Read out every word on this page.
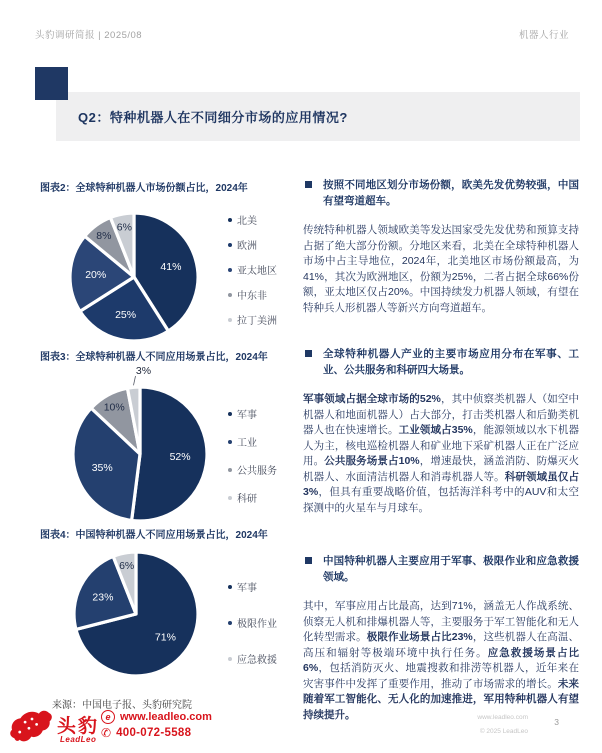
头豹调研简报 | 2025/08	机器人行业
Q2：特种机器人在不同细分市场的应用情况?
图表2：全球特种机器人市场份额占比，2024年
图表3：全球特种机器人不同应用场景占比，2024年
图表4：中国特种机器人不同应用场景占比，2024年
41%
25%
20%
8%
6%
52%
35%
10%
3%
71%
23%
6%
北美
欧洲
亚太地区
中东非
拉丁美洲
军事
工业
公共服务
科研
军事
极限作业
应急救援
按照不同地区划分市场份额，欧美先发优势较强，中国有望弯道超车。
传统特种机器人领域欧美等发达国家受先发优势和预算支持占据了绝大部分份额。分地区来看，北美在全球特种机器人市场中占主导地位，2024年，北美地区市场份额最高，为41%，其次为欧洲地区，份额为25%，二者占据全球66%份额，亚太地区仅占20%。中国持续发力机器人领域，有望在特种兵人形机器人等新兴方向弯道超车。
全球特种机器人产业的主要市场应用分布在军事、工业、公共服务和科研四大场景。
军事领域占据全球市场的52%，其中侦察类机器人（如空中机器人和地面机器人）占大部分，打击类机器人和后勤类机器人也在快速增长。工业领域占35%，能源领域以水下机器人为主，核电巡检机器人和矿业地下采矿机器人正在广泛应用。公共服务场景占10%，增速最快，涵盖消防、防爆灭火机器人、水面清洁机器人和消毒机器人等。科研领域虽仅占3%，但具有重要战略价值，包括海洋科考中的AUV和太空探测中的火星车与月球车。
中国特种机器人主要应用于军事、极限作业和应急救援领域。
其中，军事应用占比最高，达到71%，涵盖无人作战系统、侦察无人机和排爆机器人等，主要服务于军工智能化和无人化转型需求。极限作业场景占比23%，这些机器人在高温、高压和辐射等极端环境中执行任务。应急救援场景占比6%，包括消防灭火、地震搜救和排涝等机器人，近年来在灾害事件中发挥了重要作用，推动了市场需求的增长。未来随着军工智能化、无人化的加速推进，军用特种机器人有望持续提升。
来源：中国电子报、头豹研究院
头豹
LeadLeo
e www.leadleo.com
✆ 400-072-5588
www.leadleo.com
© 2025 LeadLeo
3
